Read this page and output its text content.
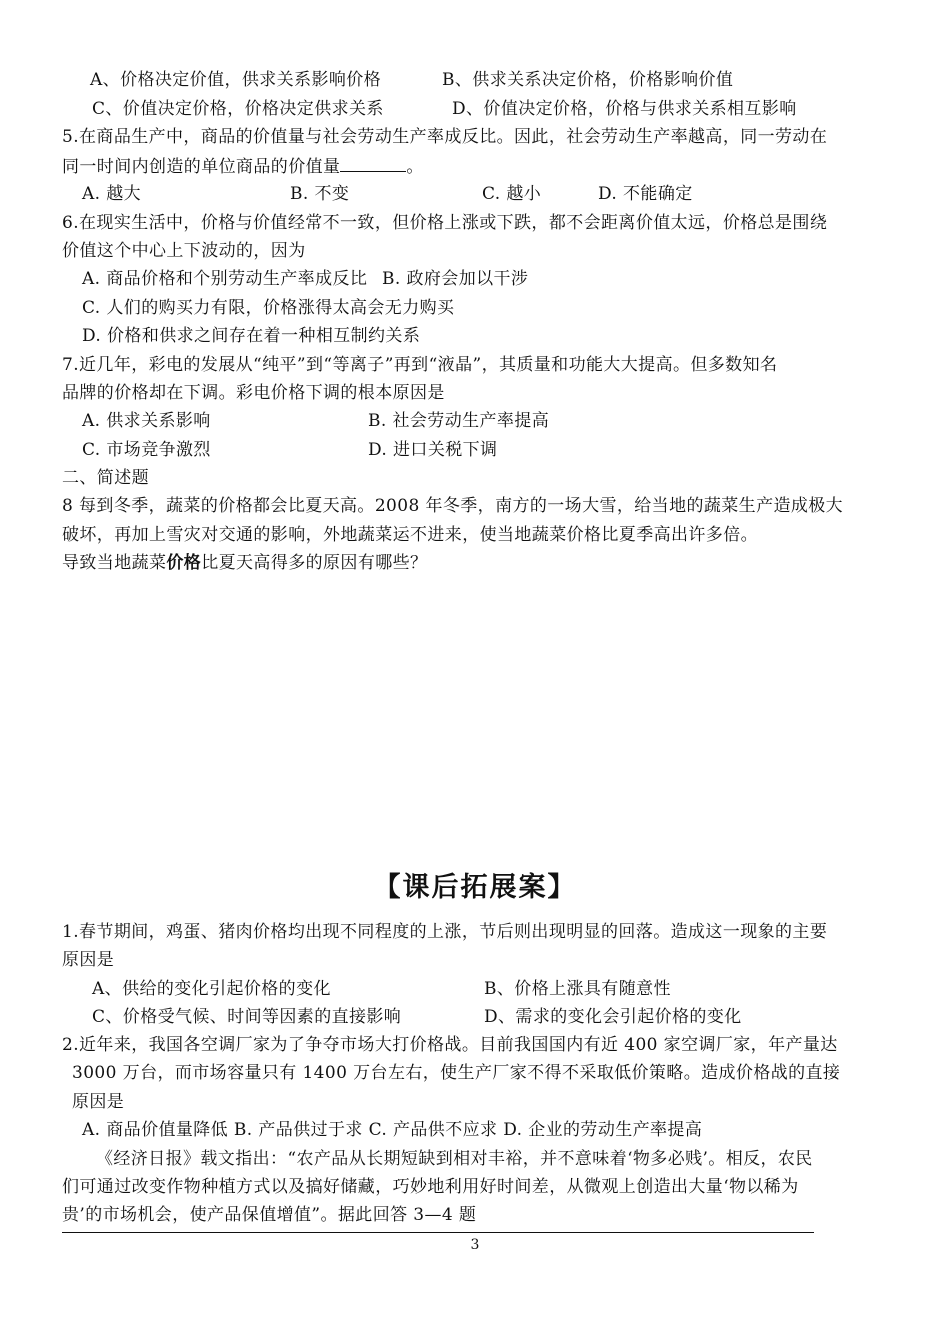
A、价格决定价值，供求关系影响价格	B、供求关系决定价格，价格影响价值
C、价值决定价格，价格决定供求关系	D、价值决定价格，价格与供求关系相互影响
5.在商品生产中，商品的价值量与社会劳动生产率成反比。因此，社会劳动生产率越高，同一劳动在
同一时间内创造的单位商品的价值量	。
A. 越大	B. 不变	C. 越小	D. 不能确定
6.在现实生活中，价格与价值经常不一致，但价格上涨或下跌，都不会距离价值太远，价格总是围绕
价值这个中心上下波动的，因为
A. 商品价格和个别劳动生产率成反比 B. 政府会加以干涉
C. 人们的购买力有限，价格涨得太高会无力购买
D. 价格和供求之间存在着一种相互制约关系
7.近几年，彩电的发展从“纯平”到“等离子”再到“液晶”，其质量和功能大大提高。但多数知名
品牌的价格却在下调。彩电价格下调的根本原因是
A. 供求关系影响	B. 社会劳动生产率提高
C. 市场竞争激烈	D. 进口关税下调
二、简述题
8 每到冬季，蔬菜的价格都会比夏天高。2008 年冬季，南方的一场大雪，给当地的蔬菜生产造成极大
破坏，再加上雪灾对交通的影响，外地蔬菜运不进来，使当地蔬菜价格比夏季高出许多倍。
导致当地蔬菜价格比夏天高得多的原因有哪些？
【课后拓展案】
1.春节期间，鸡蛋、猪肉价格均出现不同程度的上涨，节后则出现明显的回落。造成这一现象的主要
原因是
A、供给的变化引起价格的变化	B、价格上涨具有随意性
C、价格受气候、时间等因素的直接影响	D、需求的变化会引起价格的变化
2.近年来，我国各空调厂家为了争夺市场大打价格战。目前我国国内有近 400 家空调厂家，年产量达
3000 万台，而市场容量只有 1400 万台左右，使生产厂家不得不采取低价策略。造成价格战的直接
原因是
A. 商品价值量降低 B. 产品供过于求 C. 产品供不应求 D. 企业的劳动生产率提高
《经济日报》载文指出：“农产品从长期短缺到相对丰裕，并不意味着‘物多必贱’。相反，农民
们可通过改变作物种植方式以及搞好储藏，巧妙地利用好时间差，从微观上创造出大量‘物以稀为
贵’的市场机会，使产品保值增值”。据此回答 3—4 题
3
